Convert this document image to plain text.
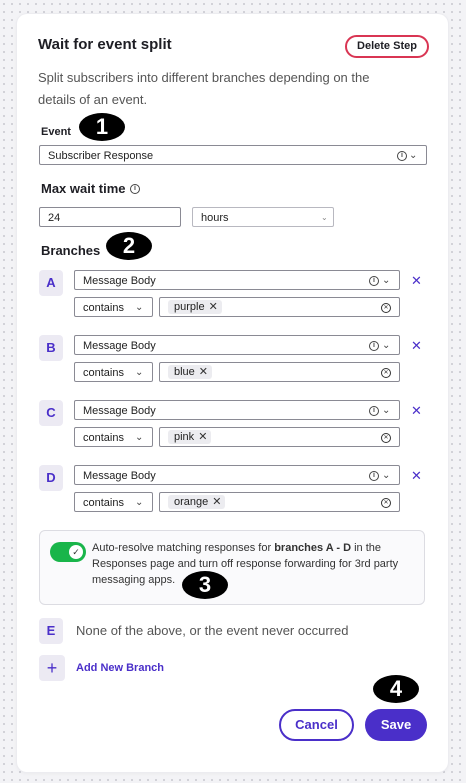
Wait for event split	Delete Step
Split subscribers into different branches depending on the details of an event.
Event	1
Subscriber Response	i ⌄
Max wait time	i
24	hours	⌄
Branches	2
A	Message Body	i ⌄ ✕
contains ⌄	purple ✕	✕
B	Message Body	i ⌄ ✕
contains ⌄	blue ✕	✕
C	Message Body	i ⌄ ✕
contains ⌄	pink ✕	✕
D	Message Body	i ⌄ ✕
contains ⌄	orange ✕	✕
✓ Auto-resolve matching responses for branches A - D in the Responses page and turn off response forwarding for 3rd party messaging apps.	3
E	None of the above, or the event never occurred
+	Add New Branch
4
Cancel	Save
